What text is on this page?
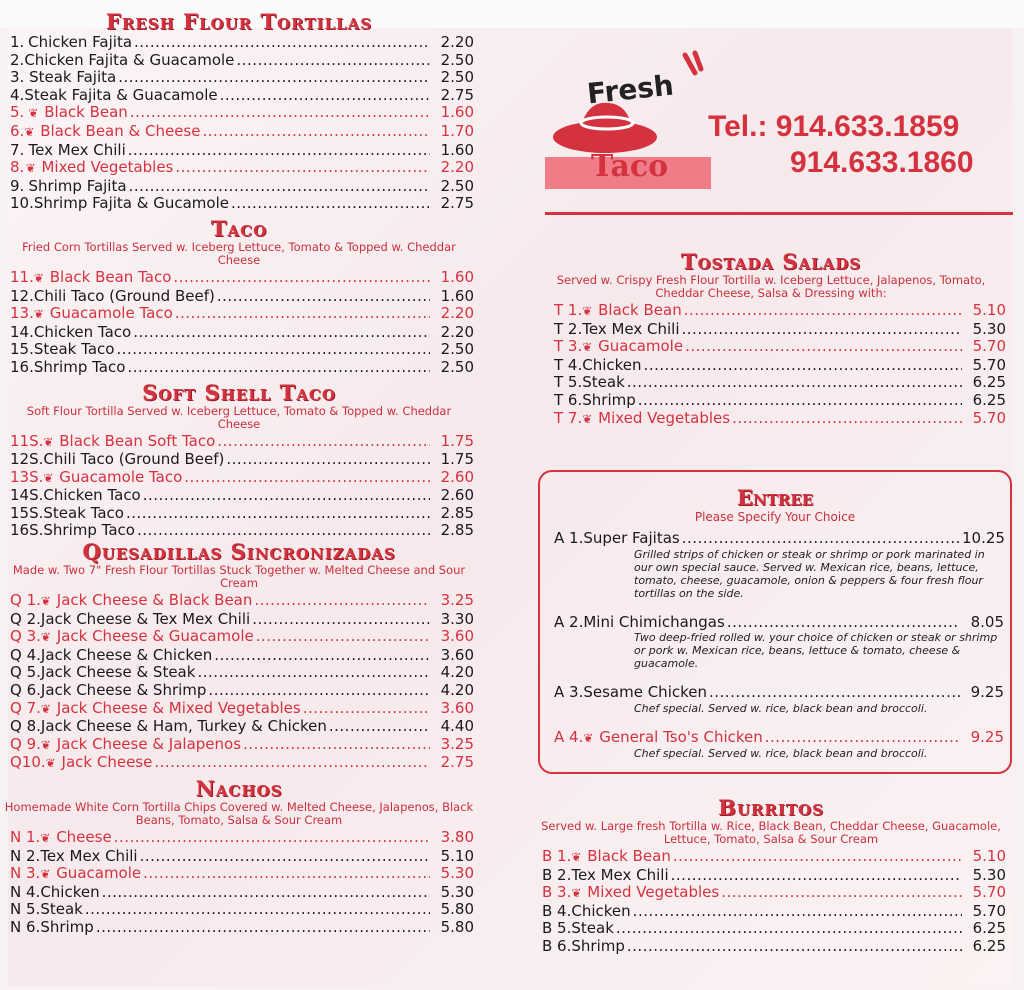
Fresh Flour Tortillas
1. Chicken Fajita .....	2.20
2. Chicken Fajita & Guacamole .....	2.50
3. Steak Fajita .....	2.50
4. Steak Fajita & Guacamole .....	2.75
5. ❦ Black Bean .....	1.60
6. ❦ Black Bean & Cheese .....	1.70
7. Tex Mex Chili .....	1.60
8. ❦ Mixed Vegetables .....	2.20
9. Shrimp Fajita .....	2.50
10. Shrimp Fajita & Gucamole .....	2.75
Taco

Fried Corn Tortillas Served w. Iceberg Lettuce, Tomato & Topped w. Cheddar Cheese

11. ❦ Black Bean Taco .....	1.60
12. Chili Taco (Ground Beef) .....	1.60
13. ❦ Guacamole Taco .....	2.20
14. Chicken Taco .....	2.20
15. Steak Taco .....	2.50
16. Shrimp Taco .....	2.50
Soft Shell Taco

Soft Flour Tortilla Served w. Iceberg Lettuce, Tomato & Topped w. Cheddar Cheese

11S. ❦ Black Bean Soft Taco .....	1.75
12S. Chili Taco (Ground Beef) .....	1.75
13S. ❦ Guacamole Taco .....	2.60
14S. Chicken Taco .....	2.60
15S. Steak Taco .....	2.85
16S. Shrimp Taco .....	2.85
Quesadillas Sincronizadas

Made w. Two 7" Fresh Flour Tortillas Stuck Together w. Melted Cheese and Sour Cream

Q 1. ❦ Jack Cheese & Black Bean .....	3.25
Q 2. Jack Cheese & Tex Mex Chili .....	3.30
Q 3. ❦ Jack Cheese & Guacamole .....	3.60
Q 4. Jack Cheese & Chicken .....	3.60
Q 5. Jack Cheese & Steak .....	4.20
Q 6. Jack Cheese & Shrimp .....	4.20
Q 7. ❦ Jack Cheese & Mixed Vegetables .....	3.60
Q 8. Jack Cheese & Ham, Turkey & Chicken .....	4.40
Q 9. ❦ Jack Cheese & Jalapenos .....	3.25
Q10. ❦ Jack Cheese .....	2.75
Nachos

Homemade White Corn Tortilla Chips Covered w. Melted Cheese, Jalapenos, Black Beans, Tomato, Salsa & Sour Cream

N 1. ❦ Cheese .....	3.80
N 2. Tex Mex Chili .....	5.10
N 3. ❦ Guacamole .....	5.30
N 4. Chicken .....	5.30
N 5. Steak .....	5.80
N 6. Shrimp .....	5.80
Fresh
Taco
Tel.: 914.633.1859
914.633.1860
Tostada Salads

Served w. Crispy Fresh Flour Tortilla w. Iceberg Lettuce, Jalapenos, Tomato, Cheddar Cheese, Salsa & Dressing with:

T 1. ❦ Black Bean .....	5.10
T 2. Tex Mex Chili .....	5.30
T 3. ❦ Guacamole .....	5.70
T 4. Chicken .....	5.70
T 5. Steak .....	6.25
T 6. Shrimp .....	6.25
T 7. ❦ Mixed Vegetables .....	5.70
Entree

Please Specify Your Choice

A 1. Super Fajitas .....	10.25
Grilled strips of chicken or steak or shrimp or pork marinated in our own special sauce. Served w. Mexican rice, beans, lettuce, tomato, cheese, guacamole, onion & peppers & four fresh flour tortillas on the side.
A 2. Mini Chimichangas .....	8.05
Two deep-fried rolled w. your choice of chicken or steak or shrimp or pork w. Mexican rice, beans, lettuce & tomato, cheese & guacamole.
A 3. Sesame Chicken .....	9.25
Chef special. Served w. rice, black bean and broccoli.
A 4. ❦ General Tso's Chicken .....	9.25
Chef special. Served w. rice, black bean and broccoli.
Burritos

Served w. Large fresh Tortilla w. Rice, Black Bean, Cheddar Cheese, Guacamole, Lettuce, Tomato, Salsa & Sour Cream

B 1. ❦ Black Bean .....	5.10
B 2. Tex Mex Chili .....	5.30
B 3. ❦ Mixed Vegetables .....	5.70
B 4. Chicken .....	5.70
B 5. Steak .....	6.25
B 6. Shrimp .....	6.25
